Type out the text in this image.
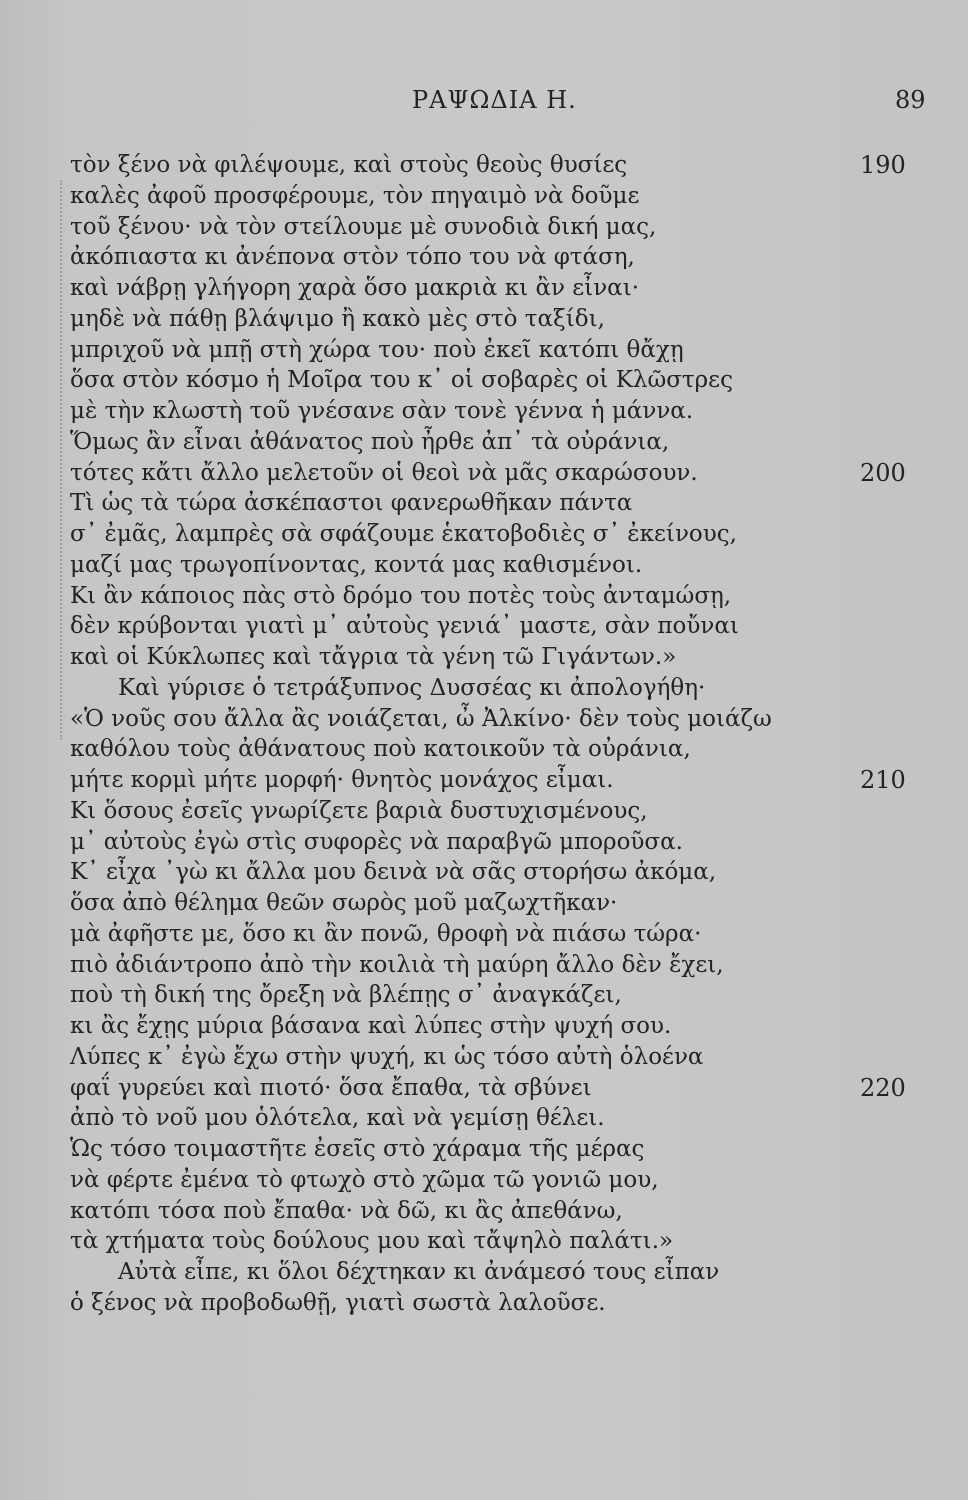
ΡΑΨΩΔΙΑ Η.	89
τὸν ξένο νὰ φιλέψουμε, καὶ στοὺς θεοὺς θυσίες	190
καλὲς ἀφοῦ προσφέρουμε, τὸν πηγαιμὸ νὰ δοῦμε
τοῦ ξένου· νὰ τὸν στείλουμε μὲ συνοδιὰ δική μας,
ἀκόπιαστα κι ἀνέπονα στὸν τόπο του νὰ φτάση,
καὶ νάβρῃ γλήγορη χαρὰ ὅσο μακριὰ κι ἂν εἶναι·
μηδὲ νὰ πάθῃ βλάψιμο ἢ κακὸ μὲς στὸ ταξίδι,
μπριχοῦ νὰ μπῇ στὴ χώρα του· ποὺ ἐκεῖ κατόπι θἄχῃ
ὅσα στὸν κόσμο ἡ Μοῖρα του κ᾽ οἱ σοβαρὲς οἱ Κλῶστρες
μὲ τὴν κλωστὴ τοῦ γνέσανε σὰν τονὲ γέννα ἡ μάννα.
Ὅμως ἂν εἶναι ἀθάνατος ποὺ ἦρθε ἀπ᾽ τὰ οὐράνια,
τότες κἄτι ἄλλο μελετοῦν οἱ θεοὶ νὰ μᾶς σκαρώσουν.	200
Τὶ ὡς τὰ τώρα ἀσκέπαστοι φανερωθῆκαν πάντα
σ᾽ ἐμᾶς, λαμπρὲς σὰ σφάζουμε ἑκατοβοδιὲς σ᾽ ἐκείνους,
μαζί μας τρωγοπίνοντας, κοντά μας καθισμένοι.
Κι ἂν κάποιος πὰς στὸ δρόμο του ποτὲς τοὺς ἀνταμώσῃ,
δὲν κρύβονται γιατὶ μ᾽ αὐτοὺς γενιά᾽ μαστε, σὰν ποὔναι
καὶ οἱ Κύκλωπες καὶ τἄγρια τὰ γένη τῶ Γιγάντων.»
Καὶ γύρισε ὁ τετράξυπνος Δυσσέας κι ἀπολογήθη·
«Ὁ νοῦς σου ἄλλα ἂς νοιάζεται, ὦ Ἀλκίνο· δὲν τοὺς μοιάζω
καθόλου τοὺς ἀθάνατους ποὺ κατοικοῦν τὰ οὐράνια,
μήτε κορμὶ μήτε μορφή· θνητὸς μονάχος εἶμαι.	210
Κι ὅσους ἐσεῖς γνωρίζετε βαριὰ δυστυχισμένους,
μ᾽ αὐτοὺς ἐγὼ στὶς συφορὲς νὰ παραβγῶ μποροῦσα.
Κ᾽ εἶχα ᾽γὼ κι ἄλλα μου δεινὰ νὰ σᾶς στορήσω ἀκόμα,
ὅσα ἀπὸ θέλημα θεῶν σωρὸς μοῦ μαζωχτῆκαν·
μὰ ἀφῆστε με, ὅσο κι ἂν πονῶ, θροφὴ νὰ πιάσω τώρα·
πιὸ ἀδιάντροπο ἀπὸ τὴν κοιλιὰ τὴ μαύρη ἄλλο δὲν ἔχει,
ποὺ τὴ δική της ὄρεξη νὰ βλέπῃς σ᾽ ἀναγκάζει,
κι ἂς ἔχῃς μύρια βάσανα καὶ λύπες στὴν ψυχή σου.
Λύπες κ᾽ ἐγὼ ἔχω στὴν ψυχή, κι ὡς τόσο αὐτὴ ὁλοένα
φαΐ γυρεύει καὶ πιοτό· ὅσα ἔπαθα, τὰ σβύνει	220
ἀπὸ τὸ νοῦ μου ὁλότελα, καὶ νὰ γεμίσῃ θέλει.
Ὡς τόσο τοιμαστῆτε ἐσεῖς στὸ χάραμα τῆς μέρας
νὰ φέρτε ἐμένα τὸ φτωχὸ στὸ χῶμα τῶ γονιῶ μου,
κατόπι τόσα ποὺ ἔπαθα· νὰ δῶ, κι ἂς ἀπεθάνω,
τὰ χτήματα τοὺς δούλους μου καὶ τἄψηλὸ παλάτι.»
Αὐτὰ εἶπε, κι ὅλοι δέχτηκαν κι ἀνάμεσό τους εἶπαν
ὁ ξένος νὰ προβοδωθῇ, γιατὶ σωστὰ λαλοῦσε.
